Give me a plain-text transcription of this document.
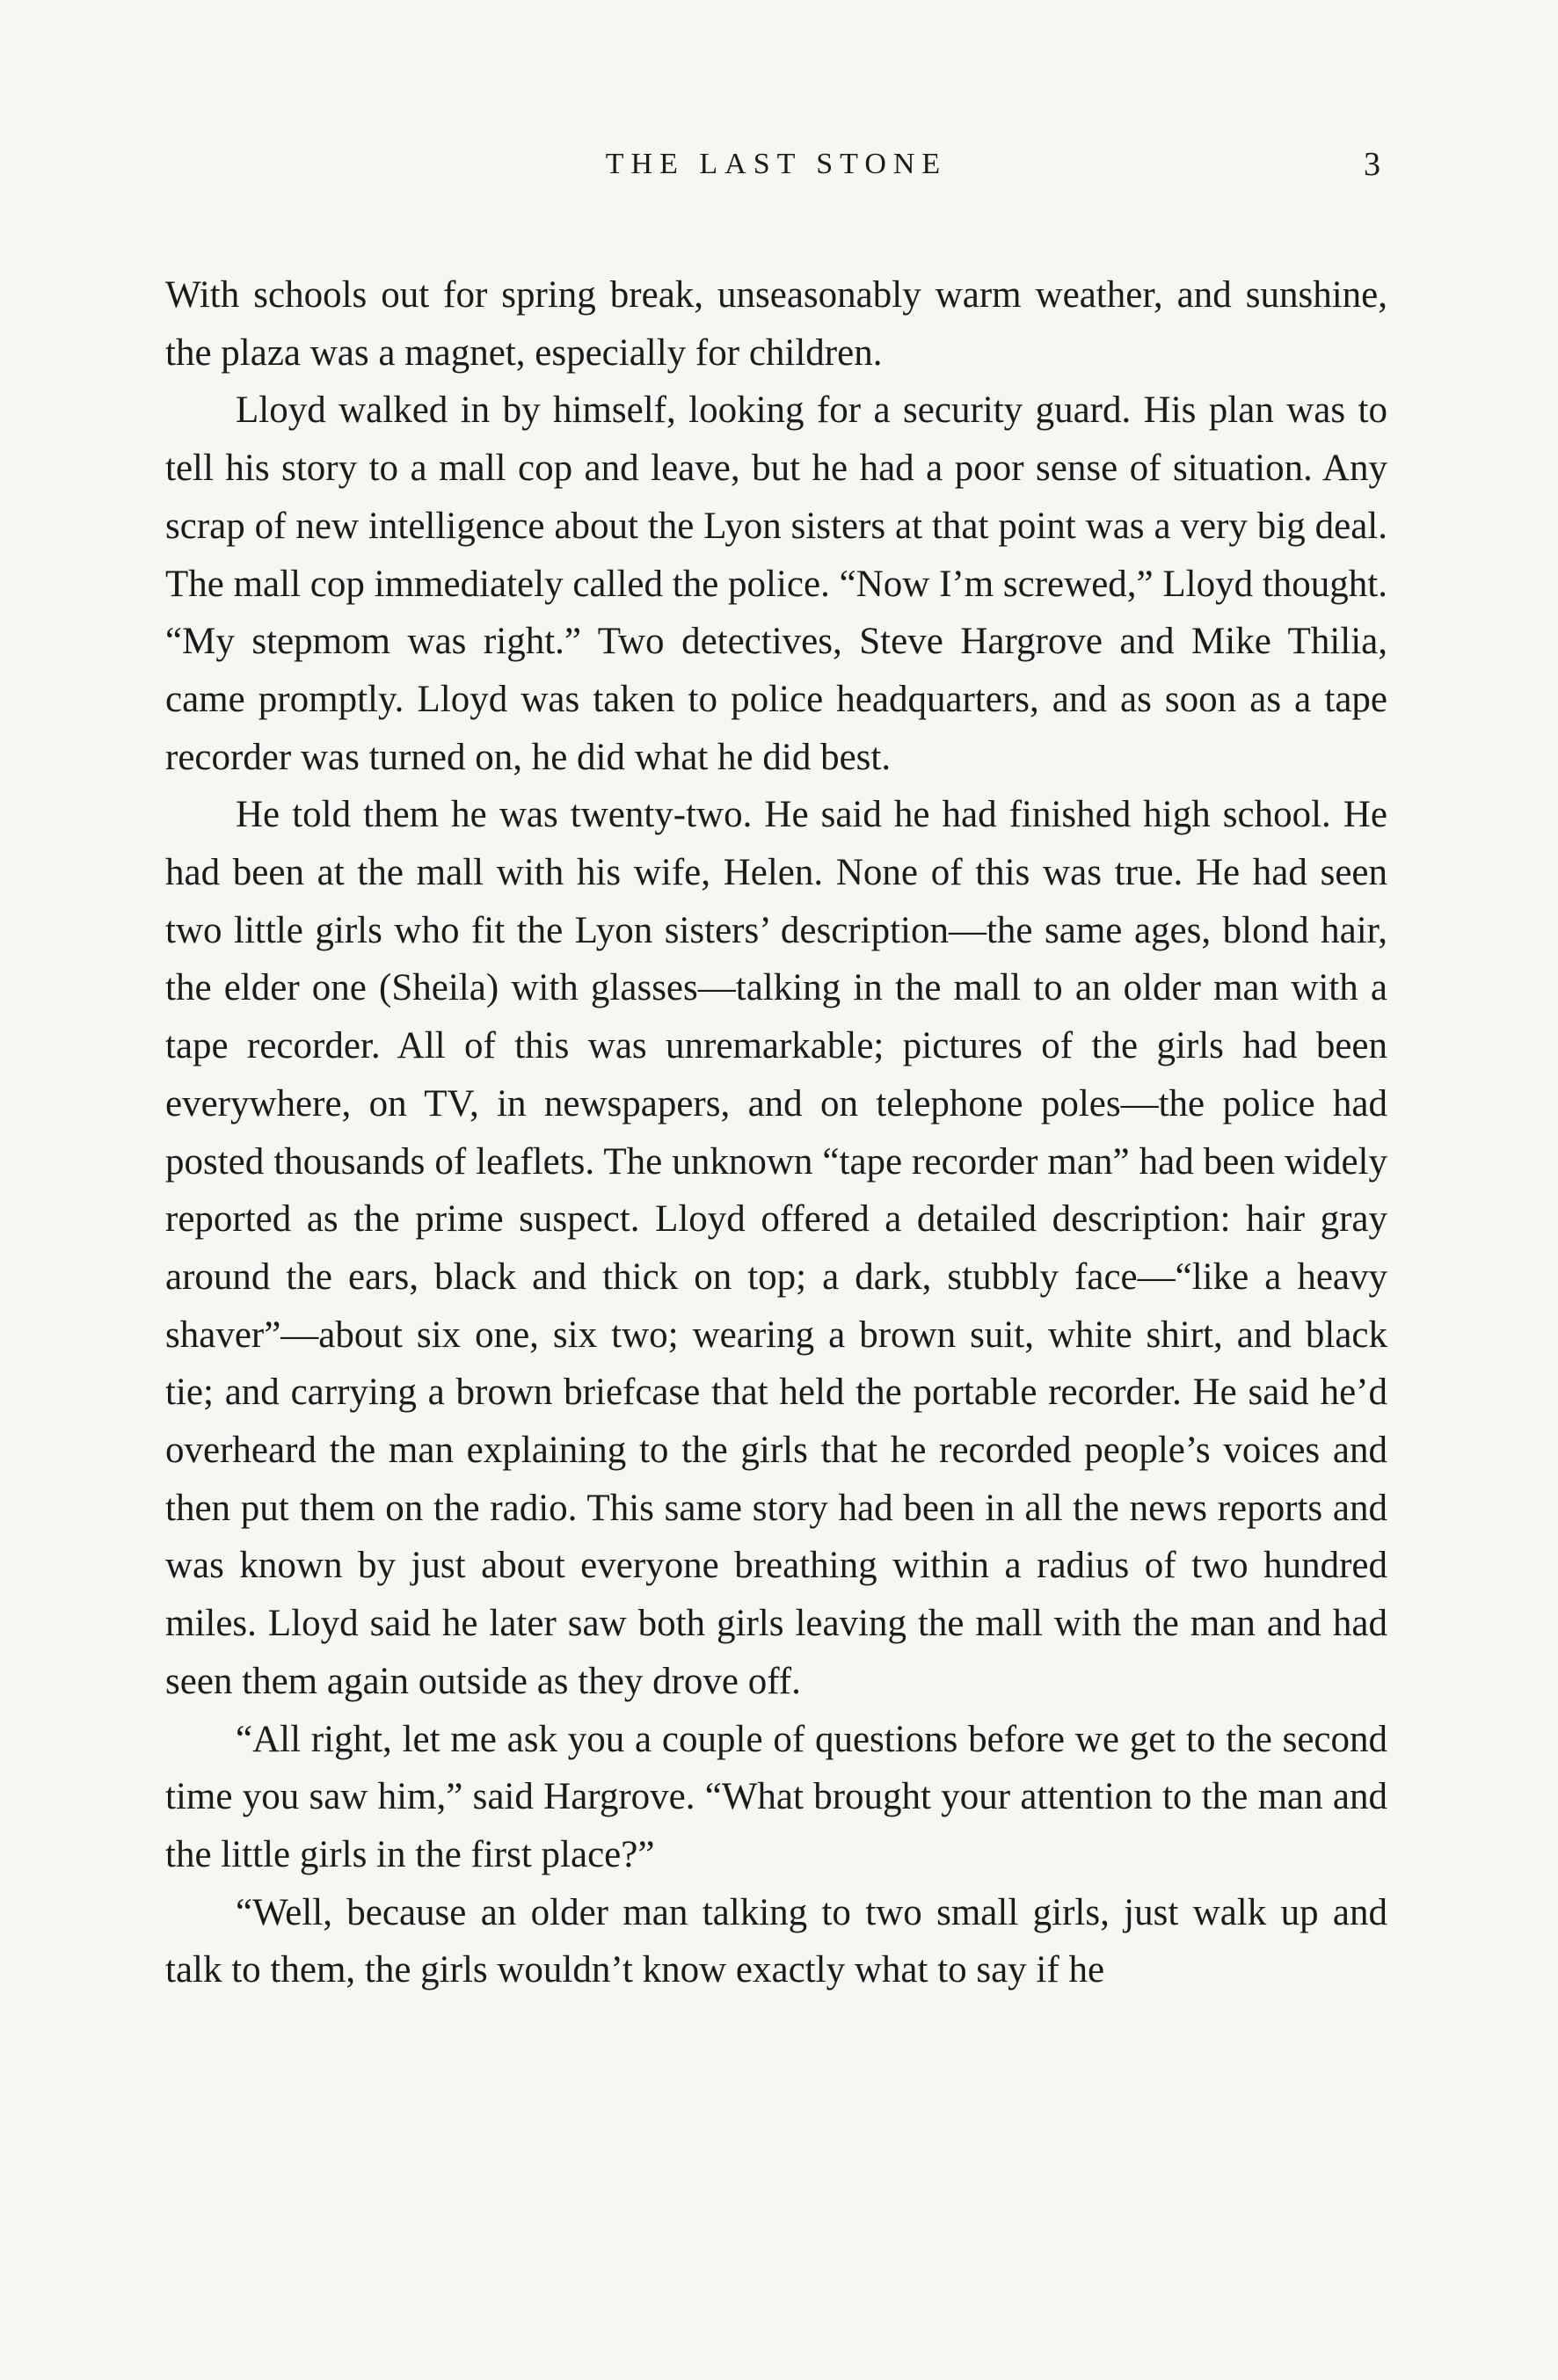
THE LAST STONE	3

With schools out for spring break, unseasonably warm weather, and sunshine, the plaza was a magnet, especially for children.

Lloyd walked in by himself, looking for a security guard. His plan was to tell his story to a mall cop and leave, but he had a poor sense of situation. Any scrap of new intelligence about the Lyon sisters at that point was a very big deal. The mall cop immediately called the police. “Now I’m screwed,” Lloyd thought. “My stepmom was right.” Two detectives, Steve Hargrove and Mike Thilia, came promptly. Lloyd was taken to police headquarters, and as soon as a tape recorder was turned on, he did what he did best.

He told them he was twenty-two. He said he had finished high school. He had been at the mall with his wife, Helen. None of this was true. He had seen two little girls who fit the Lyon sisters’ description—the same ages, blond hair, the elder one (Sheila) with glasses—talking in the mall to an older man with a tape recorder. All of this was unremarkable; pictures of the girls had been everywhere, on TV, in newspapers, and on telephone poles—the police had posted thousands of leaflets. The unknown “tape recorder man” had been widely reported as the prime suspect. Lloyd offered a detailed description: hair gray around the ears, black and thick on top; a dark, stubbly face—“like a heavy shaver”—about six one, six two; wearing a brown suit, white shirt, and black tie; and carrying a brown briefcase that held the portable recorder. He said he’d overheard the man explaining to the girls that he recorded people’s voices and then put them on the radio. This same story had been in all the news reports and was known by just about everyone breathing within a radius of two hundred miles. Lloyd said he later saw both girls leaving the mall with the man and had seen them again outside as they drove off.

“All right, let me ask you a couple of questions before we get to the second time you saw him,” said Hargrove. “What brought your attention to the man and the little girls in the first place?”

“Well, because an older man talking to two small girls, just walk up and talk to them, the girls wouldn’t know exactly what to say if he
